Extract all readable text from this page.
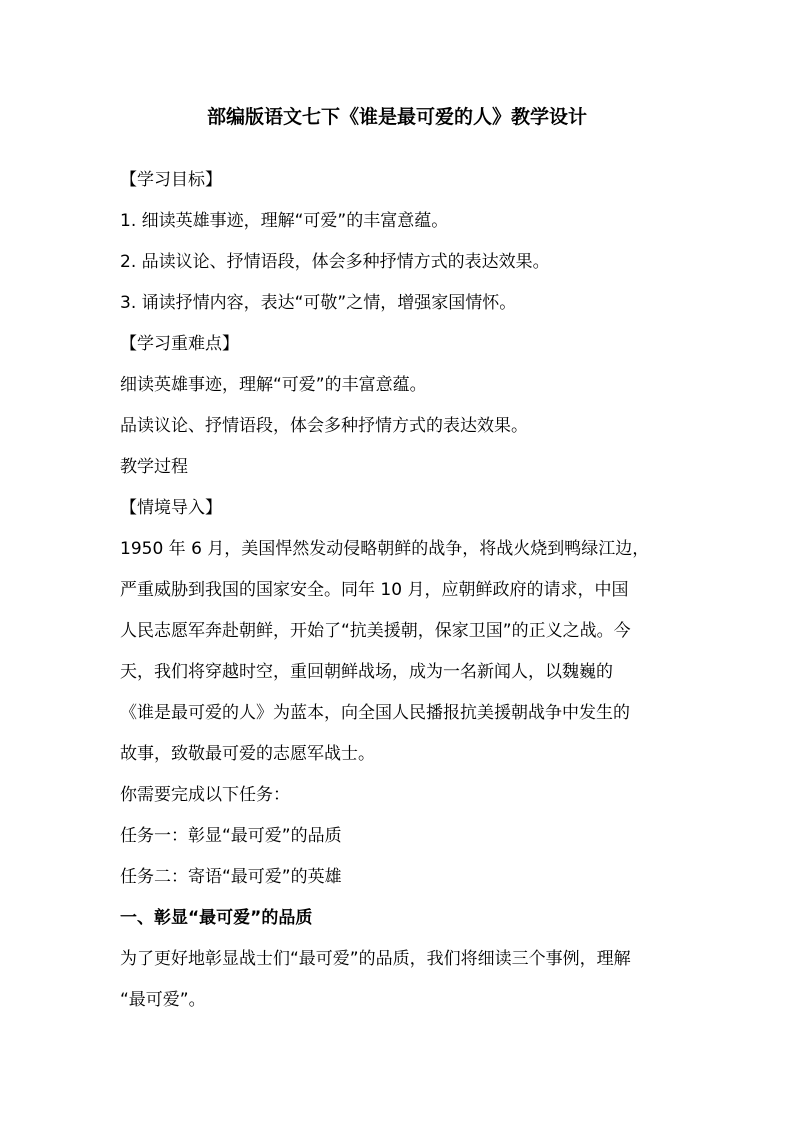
部编版语文七下《谁是最可爱的人》教学设计
【学习目标】
1. 细读英雄事迹，理解“可爱”的丰富意蕴。
2. 品读议论、抒情语段，体会多种抒情方式的表达效果。
3. 诵读抒情内容，表达“可敬”之情，增强家国情怀。
【学习重难点】
细读英雄事迹，理解“可爱”的丰富意蕴。
品读议论、抒情语段，体会多种抒情方式的表达效果。
教学过程
【情境导入】
1950 年 6 月，美国悍然发动侵略朝鲜的战争，将战火烧到鸭绿江边，
严重威胁到我国的国家安全。同年 10 月，应朝鲜政府的请求，中国
人民志愿军奔赴朝鲜，开始了“抗美援朝，保家卫国”的正义之战。今
天，我们将穿越时空，重回朝鲜战场，成为一名新闻人，以魏巍的
《谁是最可爱的人》为蓝本，向全国人民播报抗美援朝战争中发生的
故事，致敬最可爱的志愿军战士。
你需要完成以下任务：
任务一：彰显“最可爱”的品质
任务二：寄语“最可爱”的英雄
一、彰显“最可爱”的品质
为了更好地彰显战士们“最可爱”的品质，我们将细读三个事例，理解
“最可爱”。
